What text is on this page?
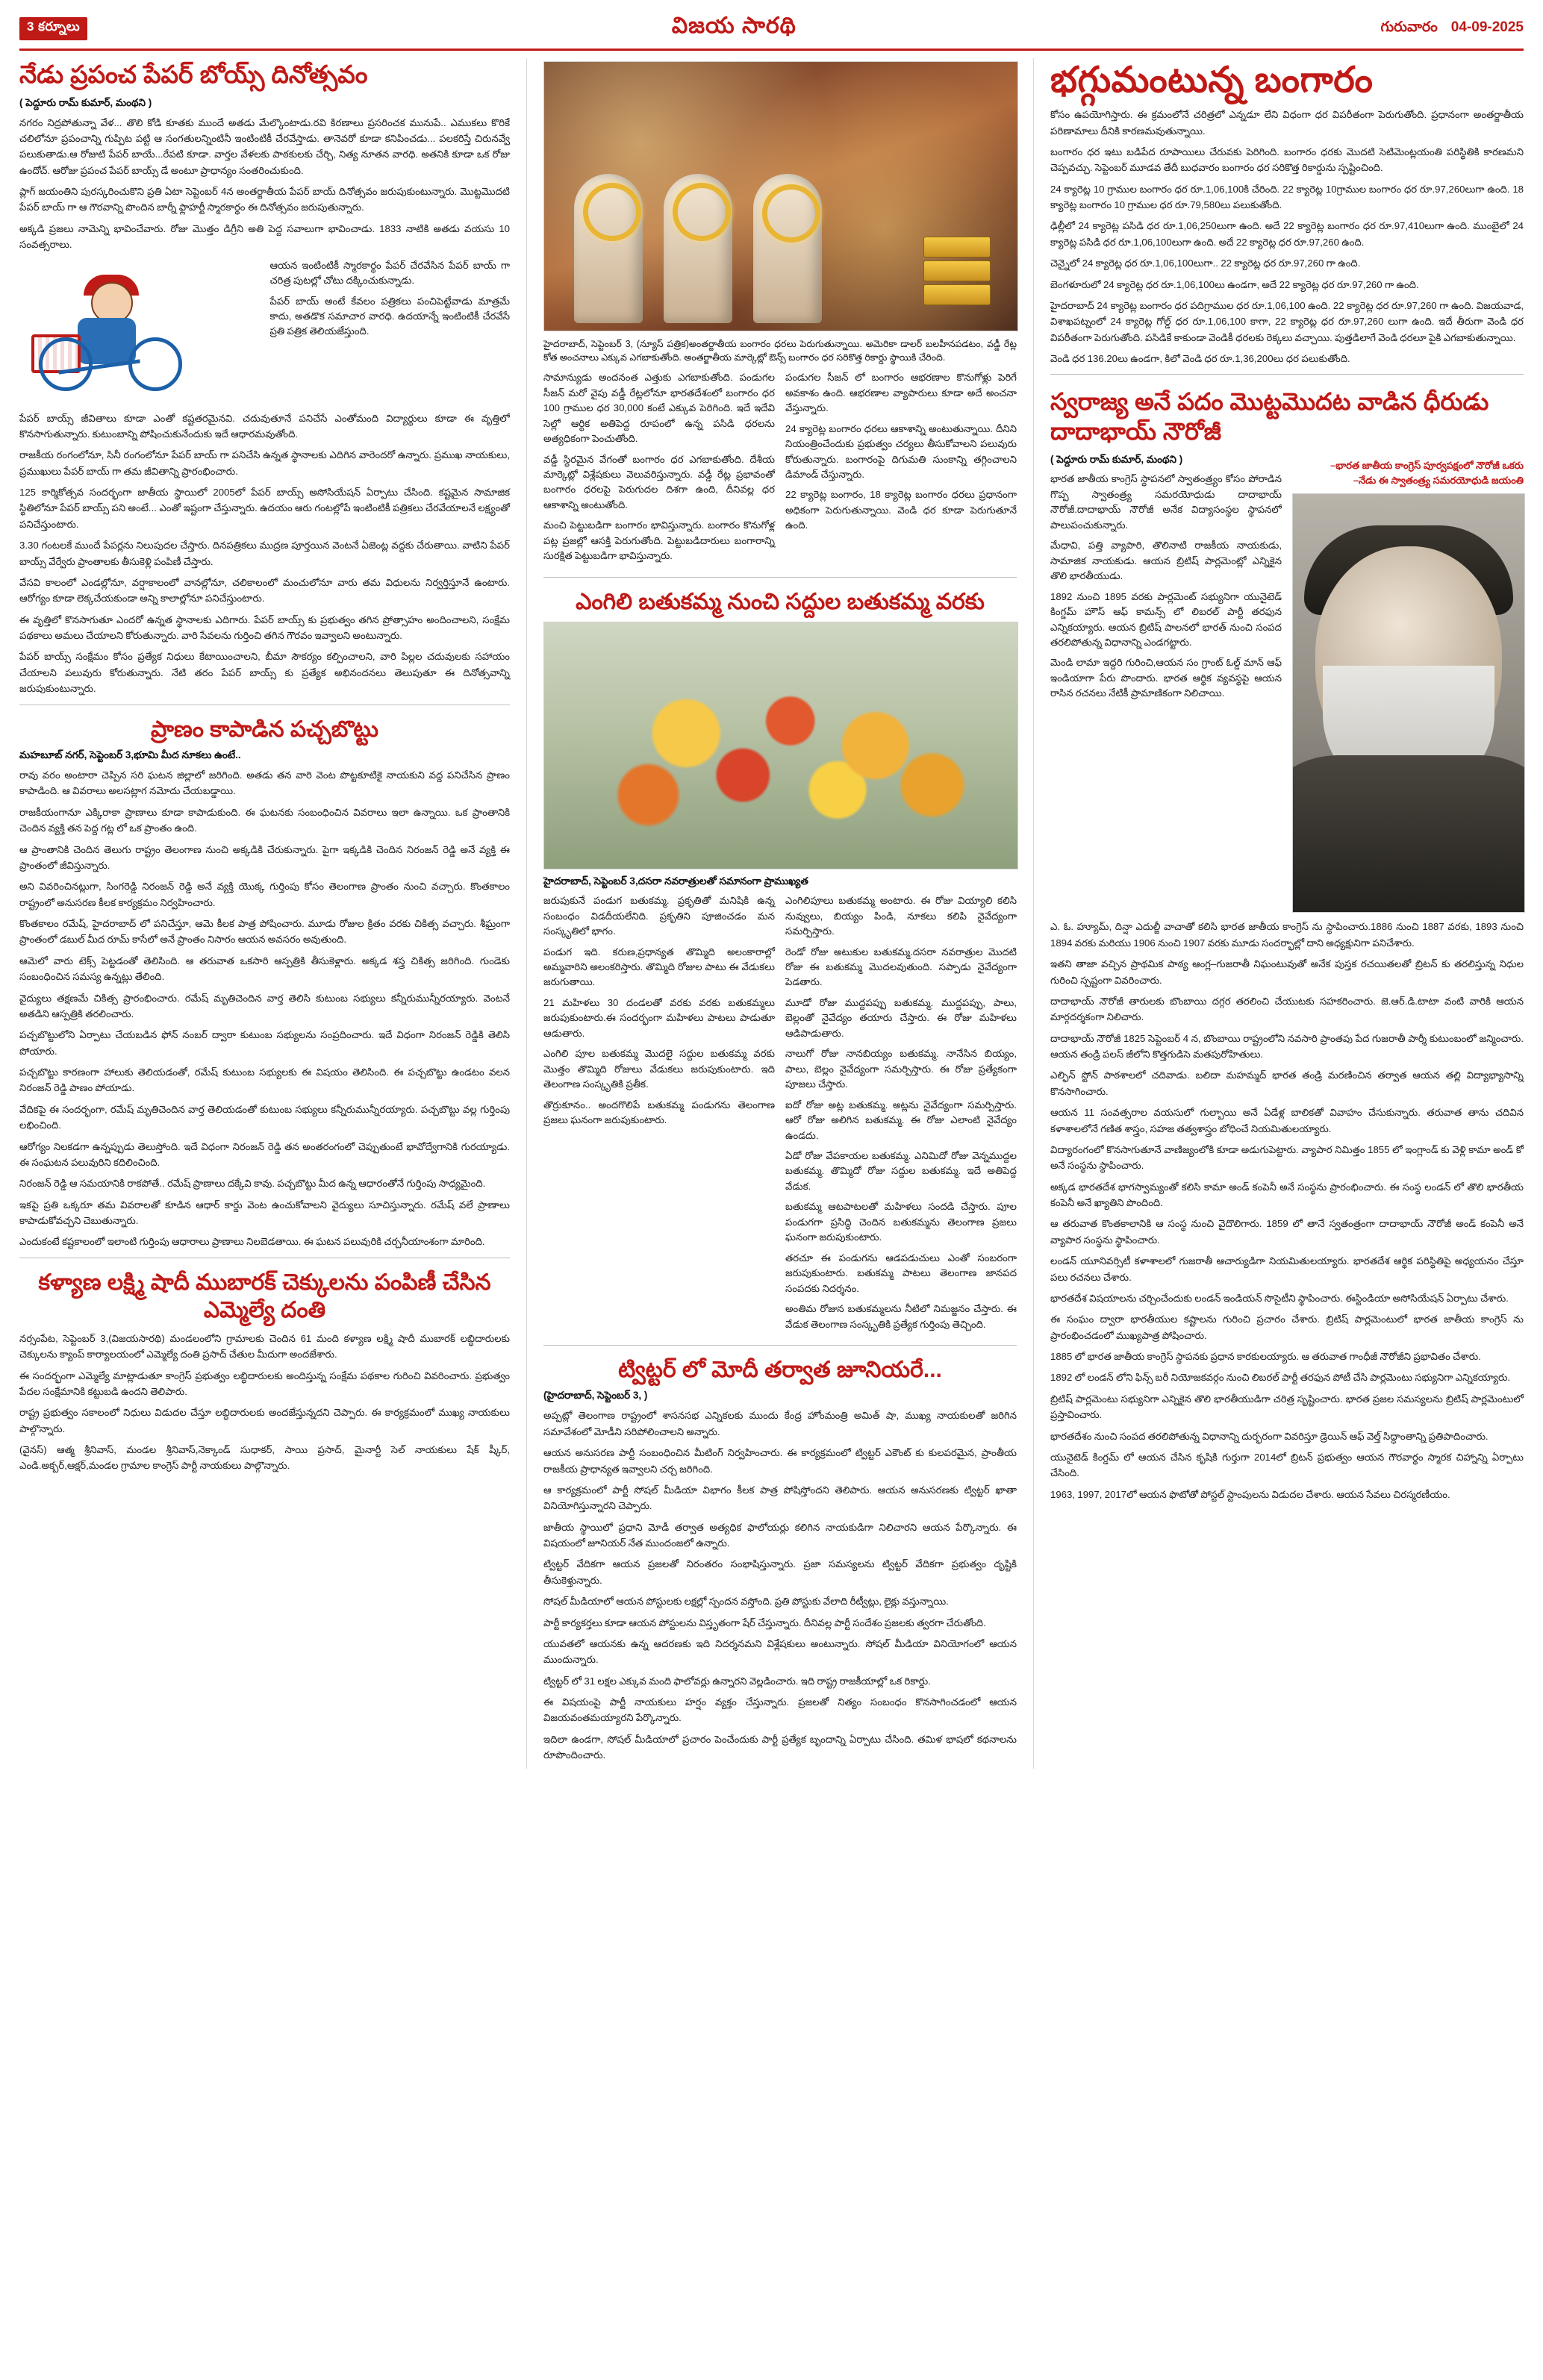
3 కర్నూలు	విజయ సారథి	గురువారం 04-09-2025
నేడు ప్రపంచ పేపర్ బోయ్స్ దినోత్సవం
( పెద్దూరు రామ్ కుమార్, మంథని )

నగరం నిద్రపోతున్నా వేళ... తొలి కోడి కూతకు ముందే అతడు మేల్కొంటాడు.రవి కిరణాలు ప్రసరించక మునుపే.. ఎముకలు కొరికే చలిలోనూ ప్రపంచాన్ని గుప్పిట పట్టి ఆ సంగతులన్నింటినీ ఇంటింటికీ చేరవేస్తాడు. తానెవరో కూడా కనిపించడు... పలకరిస్తే చిరునవ్వే పలుకుతాడు.ఆ రోజుటి పేపర్ బాయే...రేపటి కూడా. వార్తల వేళలకు పాఠకులకు చేర్చి, నిత్య నూతన వారధి. అతనికి కూడా ఒక రోజు ఉందోచ్. ఆరోజు ప్రపంచ పేపర్ బాయ్స్ డే అంటూ ప్రాధాన్యం సంతరించుకుంది.

ప్లాగ్ జయంతిని పురస్కరించుకొని ప్రతి ఏటా సెప్టెంబర్ 4న అంతర్జాతీయ పేపర్ బాయ్ దినోత్సవం జరుపుకుంటున్నారు. మొట్టమొదటి పేపర్ బాయ్ గా ఆ గౌరవాన్ని పొందిన బార్నీ ఫ్లాహర్టీ స్మారకార్థం ఈ దినోత్సవం జరుపుతున్నారు.

అక్కడి ప్రజలు నామెన్ని భావించేవారు. రోజు మొత్తం డిగ్రీని అతి పెద్ద సవాలుగా భావించాడు. 1833 నాటికి అతడు వయసు 10 సంవత్సరాలు.

ఆయన ఇంటింటికీ స్మారకార్థం పేపర్ చేరవేసిన పేపర్ బాయ్ గా చరిత్ర పుటల్లో చోటు దక్కించుకున్నాడు.

పేపర్ బాయ్ అంటే కేవలం పత్రికలు పంచిపెట్టేవాడు మాత్రమే కాదు, అతడొక సమాచార వారధి. ఉదయాన్నే ఇంటింటికీ చేరవేసే ప్రతి పత్రిక తెలియజేస్తుంది.

పేపర్ బాయ్స్ జీవితాలు కూడా ఎంతో కష్టతరమైనవి. చదువుతూనే పనిచేసే ఎంతోమంది విద్యార్థులు కూడా ఈ వృత్తిలో కొనసాగుతున్నారు. కుటుంబాన్ని పోషించుకునేందుకు ఇదే ఆధారమవుతోంది.

రాజకీయ రంగంలోనూ, సినీ రంగంలోనూ పేపర్ బాయ్ గా పనిచేసి ఉన్నత స్థానాలకు ఎదిగిన వారెందరో ఉన్నారు. ప్రముఖ నాయకులు, ప్రముఖులు పేపర్ బాయ్ గా తమ జీవితాన్ని ప్రారంభించారు.

125 కార్మికోత్సవ సందర్భంగా జాతీయ స్థాయిలో 2005లో పేపర్ బాయ్స్ అసోసియేషన్ ఏర్పాటు చేసింది. కష్టమైన సామాజిక స్థితిలోనూ పేపర్ బాయ్స్ పని అంటే... ఎంతో ఇష్టంగా చేస్తున్నారు. ఉదయం ఆరు గంటల్లోపే ఇంటింటికీ పత్రికలు చేరవేయాలనే లక్ష్యంతో పనిచేస్తుంటారు.

3.30 గంటలకే ముందే పేపర్లను నిలుపుదల చేస్తారు. దినపత్రికలు ముద్రణ పూర్తయిన వెంటనే ఏజెంట్ల వద్దకు చేరుతాయి. వాటిని పేపర్ బాయ్స్ వేర్వేరు ప్రాంతాలకు తీసుకెళ్లి పంపిణీ చేస్తారు.

వేసవి కాలంలో ఎండల్లోనూ, వర్షాకాలంలో వానల్లోనూ, చలికాలంలో మంచులోనూ వారు తమ విధులను నిర్వర్తిస్తూనే ఉంటారు. ఆరోగ్యం కూడా లెక్కచేయకుండా అన్ని కాలాల్లోనూ పనిచేస్తుంటారు.

ఈ వృత్తిలో కొనసాగుతూ ఎందరో ఉన్నత స్థానాలకు ఎదిగారు. పేపర్ బాయ్స్ కు ప్రభుత్వం తగిన ప్రోత్సాహం అందించాలని, సంక్షేమ పథకాలు అమలు చేయాలని కోరుతున్నారు. వారి సేవలను గుర్తించి తగిన గౌరవం ఇవ్వాలని అంటున్నారు.

పేపర్ బాయ్స్ సంక్షేమం కోసం ప్రత్యేక నిధులు కేటాయించాలని, బీమా సౌకర్యం కల్పించాలని, వారి పిల్లల చదువులకు సహాయం చేయాలని పలువురు కోరుతున్నారు. నేటి తరం పేపర్ బాయ్స్ కు ప్రత్యేక అభినందనలు తెలుపుతూ ఈ దినోత్సవాన్ని జరుపుకుంటున్నారు.

ప్రాణం కాపాడిన పచ్చబొట్టు
మహబూబ్ నగర్, సెప్టెంబర్ 3,భూమి మీద నూకలు ఉంటే..

రావు వరం అంటారా చెప్పిన సరి ఘటన జిల్లాలో జరిగింది. అతడు తన వారి వెంట పొట్టకూటికై నాయకుని వద్ద పనిచేసిన ప్రాణం కాపాడింది. ఆ వివరాలు అలసట్లాగ నమోదు చేయబడ్డాయి.

రాజకీయంగానూ ఎక్కిరాకా ప్రాణాలు కూడా కాపాడుకుంది. ఈ ఘటనకు సంబంధించిన వివరాలు ఇలా ఉన్నాయి. ఒక ప్రాంతానికి చెందిన వ్యక్తి తన పెద్ద గట్ల లో ఒక ప్రాంతం ఉంది.

ఆ ప్రాంతానికి చెందిన తెలుగు రాష్ట్రం తెలంగాణ నుంచి అక్కడికి చేరుకున్నారు. పైగా ఇక్కడికి చెందిన నిరంజన్ రెడ్డి అనే వ్యక్తి ఈ ప్రాంతంలో జీవిస్తున్నారు.

అని వివరించినట్లుగా, సింగరెడ్డి నిరంజన్ రెడ్డి అనే వ్యక్తి యొక్క గుర్తింపు కోసం తెలంగాణ ప్రాంతం నుంచి వచ్చారు. కొంతకాలం రాష్ట్రంలో అనుసరణ కీలక కార్యక్రమం నిర్వహించారు.

కొంతకాలం రమేష్, హైదరాబాద్ లో పనిచేస్తూ, ఆమె కీలక పాత్ర పోషించారు. మూడు రోజుల క్రితం వరకు చికిత్స వచ్చారు. శీఘ్రంగా ప్రాంతంలో డబుల్ మీద రూమ్ కాసేలో అనే ప్రాంతం నిసారం ఆయన అవసరం అవుతుంది.

ఆమెలో వారు టెక్స్ పెట్టడంతో తెలిసింది. ఆ తరువాత ఒకసారి ఆస్పత్రికి తీసుకెళ్లారు. అక్కడ శస్త్ర చికిత్స జరిగింది. గుండెకు సంబంధించిన సమస్య ఉన్నట్లు తేలింది.

వైద్యులు తక్షణమే చికిత్స ప్రారంభించారు. రమేష్ మృతిచెందిన వార్త తెలిసి కుటుంబ సభ్యులు కన్నీరుమున్నీరయ్యారు. వెంటనే అతడిని ఆస్పత్రికి తరలించారు.

పచ్చబొట్టులోని ఏర్పాటు చేయబడిన ఫోన్ నంబర్ ద్వారా కుటుంబ సభ్యులను సంప్రదించారు. ఇదే విధంగా నిరంజన్ రెడ్డికి తెలిసి పోయారు.

పచ్చబొట్టు కారణంగా హాలుకు తెలియడంతో, రమేష్ కుటుంబ సభ్యులకు ఈ విషయం తెలిసింది. ఈ పచ్చబొట్టు ఉండటం వలన నిరంజన్ రెడ్డి పాణం పోయాడు.

వేదికపై ఈ సందర్భంగా, రమేష్ మృతిచెందిన వార్త తెలియడంతో కుటుంబ సభ్యులు కన్నీరుమున్నీరయ్యారు. పచ్చబొట్టు వల్ల గుర్తింపు లభించింది.

ఆరోగ్యం నిలకడగా ఉన్నప్పుడు తెలుస్తోంది. ఇదే విధంగా నిరంజన్ రెడ్డి తన అంతరంగంలో చెప్పుతుంటే భావోద్వేగానికి గురయ్యాడు. ఈ సంఘటన పలువురిని కదిలించింది.

నిరంజన్ రెడ్డి ఆ సమయానికి రాకపోతే.. రమేష్ ప్రాణాలు దక్కేవి కావు. పచ్చబొట్టు మీద ఉన్న ఆధారంతోనే గుర్తింపు సాధ్యమైంది.

ఇకపై ప్రతి ఒక్కరూ తమ వివరాలతో కూడిన ఆధార్ కార్డు వెంట ఉంచుకోవాలని వైద్యులు సూచిస్తున్నారు. రమేష్ వలే ప్రాణాలు కాపాడుకోవచ్చని చెబుతున్నారు.

ఎందుకంటే కష్టకాలంలో ఇలాంటి గుర్తింపు ఆధారాలు ప్రాణాలు నిలబెడతాయి. ఈ ఘటన పలువురికి చర్చనీయాంశంగా మారింది.

కళ్యాణ లక్ష్మి షాదీ ముబారక్ చెక్కులను పంపిణీ చేసిన ఎమ్మెల్యే దంతి

నర్సంపేట, సెప్టెంబర్ 3,(విజయసారథి) మండలంలోని గ్రామాలకు చెందిన 61 మంది కళ్యాణ లక్ష్మి షాదీ ముబారక్ లబ్ధిదారులకు చెక్కులను క్యాంప్ కార్యాలయంలో ఎమ్మెల్యే దంతి ప్రసాద్ చేతుల మీదుగా అందజేశారు.

ఈ సందర్భంగా ఎమ్మెల్యే మాట్లాడుతూ కాంగ్రెస్ ప్రభుత్వం లబ్ధిదారులకు అందిస్తున్న సంక్షేమ పథకాల గురించి వివరించారు. ప్రభుత్వం పేదల సంక్షేమానికి కట్టుబడి ఉందని తెలిపారు.

రాష్ట్ర ప్రభుత్వం సకాలంలో నిధులు విడుదల చేస్తూ లబ్ధిదారులకు అందజేస్తున్నదని చెప్పారు. ఈ కార్యక్రమంలో ముఖ్య నాయకులు పాల్గొన్నారు.

(వైనస్) ఆత్మ శ్రీనివాస్, మండల శ్రీనివాస్,నెక్కాండ్ సుధాకర్, సాయి ప్రసాద్, మైనార్టీ సెల్ నాయకులు షేక్ ష్కీర్, ఎండి.అక్బర్,ఆక్షర్,మండల గ్రామాల కాంగ్రెస్ పార్టీ నాయకులు పాల్గొన్నారు.

హైదరాబాద్, సెప్టెంబర్ 3, (న్యూస్ పత్రిక)అంతర్జాతీయ బంగారం ధరలు పెరుగుతున్నాయి. అమెరికా డాలర్ బలహీనపడటం, వడ్డీ రేట్ల కోత అంచనాలు ఎక్కువ ఎగబాకుతోంది. అంతర్జాతీయ మార్కెట్లో ఔన్స్ బంగారం ధర సరికొత్త రికార్డు స్థాయికి చేరింది.

సామాన్యుడు అందనంత ఎత్తుకు ఎగబాకుతోంది. పండుగల సీజన్ మరో వైపు వడ్డీ రేట్లలోనూ భారతదేశంలో బంగారం ధర 100 గ్రాముల ధర 30,000 కంటే ఎక్కువ పెరిగింది. ఇదే ఇదేవి సెల్లో ఆర్థిక అతిపెద్ద రూపంలో ఉన్న పసిడి ధరలను అత్యధికంగా పెంచుతోంది.

వడ్డీ స్థిరమైన వేగంతో బంగారం ధర ఎగబాకుతోంది. దేశీయ మార్కెట్లో విశ్లేషకులు వెలువరిస్తున్నారు. వడ్డీ రేట్ల ప్రభావంతో బంగారం ధరలపై పెరుగుదల దిశగా ఉంది, దీనివల్ల ధర ఆకాశాన్ని అంటుతోంది.

మంచి పెట్టుబడిగా బంగారం భావిస్తున్నారు. బంగారం కొనుగోళ్ల పట్ల ప్రజల్లో ఆసక్తి పెరుగుతోంది. పెట్టుబడిదారులు బంగారాన్ని సురక్షిత పెట్టుబడిగా భావిస్తున్నారు.

పండుగల సీజన్ లో బంగారం ఆభరణాల కొనుగోళ్లు పెరిగే అవకాశం ఉంది. ఆభరణాల వ్యాపారులు కూడా అదే అంచనా వేస్తున్నారు.

24 క్యారెట్ల బంగారం ధరలు ఆకాశాన్ని అంటుతున్నాయి. దీనిని నియంత్రించేందుకు ప్రభుత్వం చర్యలు తీసుకోవాలని పలువురు కోరుతున్నారు. బంగారంపై దిగుమతి సుంకాన్ని తగ్గించాలని డిమాండ్ చేస్తున్నారు.

22 క్యారెట్ల బంగారం, 18 క్యారెట్ల బంగారం ధరలు ప్రధానంగా అధికంగా పెరుగుతున్నాయి. వెండి ధర కూడా పెరుగుతూనే ఉంది.

ఎంగిలి బతుకమ్మ నుంచి సద్దుల బతుకమ్మ వరకు
హైదరాబాద్, సెప్టెంబర్ 3,దసరా నవరాత్రులతో సమానంగా ప్రాముఖ్యత

జరుపుకునే పండుగ బతుకమ్మ. ప్రకృతితో మనిషికి ఉన్న సంబంధం విడదీయలేనిది. ప్రకృతిని పూజించడం మన సంస్కృతిలో భాగం.

పండుగ ఇది. కరుణ,ప్రధాన్యత తొమ్మిది అలంకారాల్లో అమ్మవారిని అలంకరిస్తారు. తొమ్మిది రోజుల పాటు ఈ వేడుకలు జరుగుతాయి.

21 మహిళలు 30 దండలతో వరకు వరకు బతుకమ్మలు జరుపుకుంటారు.ఈ సందర్భంగా మహిళలు పాటలు పాడుతూ ఆడుతారు.

ఎంగిలి పూల బతుకమ్మ మొదలై సద్దుల బతుకమ్మ వరకు మొత్తం తొమ్మిది రోజులు వేడుకలు జరుపుకుంటారు. ఇది తెలంగాణ సంస్కృతికి ప్రతీక.

తొర్రుకూనం.. అందగొలిపే బతుకమ్మ పండుగను తెలంగాణ ప్రజలు ఘనంగా జరుపుకుంటారు.

ఎంగిలిపూలు బతుకమ్మ అంటారు. ఈ రోజు వియ్యాలి కలిసి నువ్వులు, బియ్యం పిండి, నూకలు కలిపి నైవేద్యంగా సమర్పిస్తారు.

రెండో రోజు అటుకుల బతుకమ్మ.దసరా నవరాత్రుల మొదటి రోజు ఈ బతుకమ్మ మొదలవుతుంది. సప్పాడు నైవేద్యంగా పెడతారు.

మూడో రోజు ముద్దపప్పు బతుకమ్మ. ముద్దపప్పు, పాలు, బెల్లంతో నైవేద్యం తయారు చేస్తారు. ఈ రోజు మహిళలు ఆడిపాడుతారు.

నాలుగో రోజు నానబియ్యం బతుకమ్మ. నానేసిన బియ్యం, పాలు, బెల్లం నైవేద్యంగా సమర్పిస్తారు. ఈ రోజు ప్రత్యేకంగా పూజలు చేస్తారు.

ఐదో రోజు అట్ల బతుకమ్మ. అట్లను నైవేద్యంగా సమర్పిస్తారు. ఆరో రోజు అలిగిన బతుకమ్మ. ఈ రోజు ఎలాంటి నైవేద్యం ఉండదు.

ఏడో రోజు వేపకాయల బతుకమ్మ. ఎనిమిదో రోజు వెన్నముద్దల బతుకమ్మ. తొమ్మిదో రోజు సద్దుల బతుకమ్మ. ఇదే అతిపెద్ద వేడుక.

బతుకమ్మ ఆటపాటలతో మహిళలు సందడి చేస్తారు. పూల పండుగగా ప్రసిద్ధి చెందిన బతుకమ్మను తెలంగాణ ప్రజలు ఘనంగా జరుపుకుంటారు.

తరచూ ఈ పండుగను ఆడపడుచులు ఎంతో సంబరంగా జరుపుకుంటారు. బతుకమ్మ పాటలు తెలంగాణ జానపద సంపదకు నిదర్శనం.

అంతిమ రోజున బతుకమ్మలను నీటిలో నిమజ్జనం చేస్తారు. ఈ వేడుక తెలంగాణ సంస్కృతికి ప్రత్యేక గుర్తింపు తెచ్చింది.

ట్విట్టర్ లో మోదీ తర్వాత జూనియరే...
(హైదరాబాద్, సెప్టెంబర్ 3, )

అప్పట్లో తెలంగాణ రాష్ట్రంలో శాసనసభ ఎన్నికలకు ముందు కేంద్ర హోంమంత్రి అమిత్ షా, ముఖ్య నాయకులతో జరిగిన సమావేశంలో మోడీని సరిపోలించాలని అన్నారు.

ఆయన అనుసరణ పార్టీ సంబంధించిన మీటింగ్ నిర్వహించారు. ఈ కార్యక్రమంలో ట్విట్టర్ ఎకౌంట్ కు కులపరమైన, ప్రాంతీయ రాజకీయ ప్రాధాన్యత ఇవ్వాలని చర్చ జరిగింది.

ఆ కార్యక్రమంలో పార్టీ సోషల్ మీడియా విభాగం కీలక పాత్ర పోషిస్తోందని తెలిపారు. ఆయన అనుసరణకు ట్విట్టర్ ఖాతా వినియోగిస్తున్నారని చెప్పారు.

జాతీయ స్థాయిలో ప్రధాని మోడీ తర్వాత అత్యధిక ఫాలోయర్లు కలిగిన నాయకుడిగా నిలిచారని ఆయన పేర్కొన్నారు. ఈ విషయంలో జూనియర్ నేత ముందంజలో ఉన్నారు.

ట్విట్టర్ వేదికగా ఆయన ప్రజలతో నిరంతరం సంభాషిస్తున్నారు. ప్రజా సమస్యలను ట్విట్టర్ వేదికగా ప్రభుత్వం దృష్టికి తీసుకెళ్తున్నారు.

సోషల్ మీడియాలో ఆయన పోస్టులకు లక్షల్లో స్పందన వస్తోంది. ప్రతి పోస్టుకు వేలాది రీట్వీట్లు, లైక్లు వస్తున్నాయి.

పార్టీ కార్యకర్తలు కూడా ఆయన పోస్టులను విస్తృతంగా షేర్ చేస్తున్నారు. దీనివల్ల పార్టీ సందేశం ప్రజలకు త్వరగా చేరుతోంది.

యువతలో ఆయనకు ఉన్న ఆదరణకు ఇది నిదర్శనమని విశ్లేషకులు అంటున్నారు. సోషల్ మీడియా వినియోగంలో ఆయన ముందున్నారు.

ట్విట్టర్ లో 31 లక్షల ఎక్కువ మంది ఫాలోవర్లు ఉన్నారని వెల్లడించారు. ఇది రాష్ట్ర రాజకీయాల్లో ఒక రికార్డు.

ఈ విషయంపై పార్టీ నాయకులు హర్షం వ్యక్తం చేస్తున్నారు. ప్రజలతో నిత్యం సంబంధం కొనసాగించడంలో ఆయన విజయవంతమయ్యారని పేర్కొన్నారు.

ఇదిలా ఉండగా, సోషల్ మీడియాలో ప్రచారం పెంచేందుకు పార్టీ ప్రత్యేక బృందాన్ని ఏర్పాటు చేసింది. తమిళ భాషలో కథనాలను రూపొందించారు.

భగ్గుమంటున్న బంగారం

కోసం ఉపయోగిస్తారు. ఈ క్రమంలోనే చరిత్రలో ఎన్నడూ లేని విధంగా ధర విపరీతంగా పెరుగుతోంది. ప్రధానంగా అంతర్జాతీయ పరిణామాలు దీనికి కారణమవుతున్నాయి.

బంగారం ధర ఇటు బడిపేద రూపాయిలు చేరువకు పెరిగింది. బంగారం ధరకు మొదటి సెటిమెంట్లయంతి పరిస్థితికి కారణమని చెప్పవచ్చు. సెప్టెంబర్ మూడవ తేదీ బుధవారం బంగారం ధర సరికొత్త రికార్డును స్పష్టించింది.

24 క్యారెట్ల 10 గ్రాముల బంగారం ధర రూ.1,06,100కి చేరింది. 22 క్యారెట్ల 10గ్రాముల బంగారం ధర రూ.97,260లుగా ఉంది. 18 క్యారెట్ల బంగారం 10 గ్రాముల ధర రూ.79,580లు పలుకుతోంది.

ఢిల్లీలో 24 క్యారెట్ల పసిడి ధర రూ.1,06,250లుగా ఉంది. అదే 22 క్యారెట్ల బంగారం ధర రూ.97,410లుగా ఉంది. ముంబైలో 24 క్యారెట్ల పసిడి ధర రూ.1,06,100లుగా ఉంది. అదే 22 క్యారెట్ల ధర రూ.97,260 ఉంది.

చెన్నైలో 24 క్యారెట్ల ధర రూ.1,06,100లుగా.. 22 క్యారెట్ల ధర రూ.97,260 గా ఉంది.

బెంగళూరులో 24 క్యారెట్ల ధర రూ.1,06,100లు ఉండగా, అదే 22 క్యారెట్ల ధర రూ.97,260 గా ఉంది.

హైదరాబాద్ 24 క్యారెట్ల బంగారం ధర పదిగ్రాముల ధర రూ.1,06,100 ఉంది. 22 క్యారెట్ల ధర రూ.97,260 గా ఉంది. విజయవాడ, విశాఖపట్నంలో 24 క్యారెట్ల గోల్డ్ ధర రూ.1,06,100 కాగా, 22 క్యారెట్ల ధర రూ.97,260 లుగా ఉంది. ఇదే తీరుగా వెండి ధర విపరీతంగా పెరుగుతోంది. పసిడికే కాకుండా వెండికీ ధరలకు రెక్కలు వచ్చాయి. పుత్తడిలాగే వెండి ధరలూ పైకి ఎగబాకుతున్నాయి.

వెండి ధర 136.20లు ఉండగా, కిలో వెండి ధర రూ.1,36,200లు ధర పలుకుతోంది.

స్వరాజ్య అనే పదం మొట్టమొదట వాడిన ధీరుడు దాదాభాయ్ నౌరోజీ
( పెద్దూరు రామ్ కుమార్, మంథని )

భారత జాతీయ కాంగ్రెస్ స్థాపనలో స్వాతంత్ర్యం కోసం పోరాడిన గొప్ప స్వాతంత్ర్య సమరయోధుడు దాదాభాయ్ నౌరోజీ.దాదాభాయ్ నౌరోజీ అనేక విద్యాసంస్థల స్థాపనలో పాలుపంచుకున్నారు.

మేధావి, పత్తి వ్యాపారి, తొలినాటి రాజకీయ నాయకుడు, సామాజిక నాయకుడు. ఆయన బ్రిటిష్ పార్లమెంట్లో ఎన్నికైన తొలి భారతీయుడు.

1892 నుంచి 1895 వరకు పార్లమెంట్ సభ్యునిగా యునైటెడ్ కింగ్డమ్ హౌస్ ఆఫ్ కామన్స్ లో లిబరల్ పార్టీ తరఫున ఎన్నికయ్యారు. ఆయన బ్రిటిష్ పాలనలో భారత్ నుంచి సంపద తరలిపోతున్న విధానాన్ని ఎండగట్టారు.

మెండి లామా ఇద్దరి గురించి,ఆయన సం గ్రాంట్ ఓల్డ్ మాన్ ఆఫ్ ఇండియాగా పేరు పొందారు. భారత ఆర్థిక వ్యవస్థపై ఆయన రాసిన రచనలు నేటికీ ప్రామాణికంగా నిలిచాయి.

–భారత జాతీయ కాంగ్రెస్ పూర్వపక్షంలో నౌరోజీ ఒకరు
–నేడు ఈ స్వాతంత్ర్య సమరయోధుడి జయంతి

ఎ. ఓ. హ్యూమ్, దిన్షా ఎదుల్జీ వాచాతో కలిసి భారత జాతీయ కాంగ్రెస్ ను స్థాపించారు.1886 నుంచి 1887 వరకు, 1893 నుంచి 1894 వరకు మరియు 1906 నుంచి 1907 వరకు మూడు సందర్భాల్లో దాని అధ్యక్షునిగా పనిచేశారు.

ఇతని తాజా వచ్చిన ప్రాథమిక పాఠ్య ఆంగ్ల–గుజరాతీ నిఘంటువుతో అనేక పుస్తక రచయితలతో బ్రిటన్ కు తరలిస్తున్న నిధుల గురించి స్పష్టంగా వివరించారు.

దాదాభాయ్ నౌరోజీ తారులకు బొంబాయి దగ్గర తరలించి చేయుటకు సహకరించారు. జె.ఆర్.డి.టాటా వంటి వారికి ఆయన మార్గదర్శకంగా నిలిచారు.

దాదాభాయ్ నౌరోజీ 1825 సెప్టెంబర్ 4 న, బొంబాయి రాష్ట్రంలోని నవసారి ప్రాంతపు పేద గుజరాతీ పార్శీ కుటుంబంలో జన్మించారు. ఆయన తండ్రి పలస్ జీలోని కొత్తగుడిసె మతపురోహితులు.

ఎల్ఫిన్ స్టోన్ పాఠశాలలో చదివాడు. బలిదా మహమ్మద్ భారత తండ్రి మరణించిన తర్వాత ఆయన తల్లి విద్యాభ్యాసాన్ని కొనసాగించారు.

ఆయన 11 సంవత్సరాల వయసులో గుల్బాయి అనే ఏడేళ్ల బాలికతో వివాహం చేసుకున్నారు. తరువాత తాను చదివిన కళాశాలలోనే గణిత శాస్త్రం, సహజ తత్వశాస్త్రం బోధించే నియమితులయ్యారు.

విద్యారంగంలో కొనసాగుతూనే వాణిజ్యంలోకి కూడా అడుగుపెట్టారు. వ్యాపార నిమిత్తం 1855 లో ఇంగ్లాండ్ కు వెళ్లి కామా అండ్ కో అనే సంస్థను స్థాపించారు.

అక్కడ భారతదేశ భాగస్వామ్యంతో కలిసి కామా అండ్ కంపెనీ అనే సంస్థను ప్రారంభించారు. ఈ సంస్థ లండన్ లో తొలి భారతీయ కంపెనీ అనే ఖ్యాతిని పొందింది.

ఆ తరువాత కొంతకాలానికి ఆ సంస్థ నుంచి వైదొలిగారు. 1859 లో తానే స్వతంత్రంగా దాదాభాయ్ నౌరోజీ అండ్ కంపెనీ అనే వ్యాపార సంస్థను స్థాపించారు.

లండన్ యూనివర్సిటీ కళాశాలలో గుజరాతీ ఆచార్యుడిగా నియమితులయ్యారు. భారతదేశ ఆర్థిక పరిస్థితిపై అధ్యయనం చేస్తూ పలు రచనలు చేశారు.

భారతదేశ విషయాలను చర్చించేందుకు లండన్ ఇండియన్ సొసైటీని స్థాపించారు. ఈస్టిండియా అసోసియేషన్ ఏర్పాటు చేశారు.

ఈ సంఘం ద్వారా భారతీయుల కష్టాలను గురించి ప్రచారం చేశారు. బ్రిటిష్ పార్లమెంటులో భారత జాతీయ కాంగ్రెస్ ను ప్రారంభించడంలో ముఖ్యపాత్ర పోషించారు.

1885 లో భారత జాతీయ కాంగ్రెస్ స్థాపనకు ప్రధాన కారకులయ్యారు. ఆ తరువాత గాంధీజీ నౌరోజీని ప్రభావితం చేశారు.

1892 లో లండన్ లోని ఫిన్స్ బరీ నియోజకవర్గం నుంచి లిబరల్ పార్టీ తరఫున పోటీ చేసి పార్లమెంటు సభ్యునిగా ఎన్నికయ్యారు.

బ్రిటిష్ పార్లమెంటు సభ్యునిగా ఎన్నికైన తొలి భారతీయుడిగా చరిత్ర సృష్టించారు. భారత ప్రజల సమస్యలను బ్రిటిష్ పార్లమెంటులో ప్రస్తావించారు.

భారతదేశం నుంచి సంపద తరలిపోతున్న విధానాన్ని దుర్భరంగా వివరిస్తూ డ్రెయిన్ ఆఫ్ వెల్త్ సిద్ధాంతాన్ని ప్రతిపాదించారు.

యునైటెడ్ కింగ్డమ్ లో ఆయన చేసిన కృషికి గుర్తుగా 2014లో బ్రిటన్ ప్రభుత్వం ఆయన గౌరవార్థం స్మారక చిహ్నాన్ని ఏర్పాటు చేసింది.

1963, 1997, 2017లో ఆయన ఫొటోతో పోస్టల్ స్టాంపులను విడుదల చేశారు. ఆయన సేవలు చిరస్మరణీయం.
